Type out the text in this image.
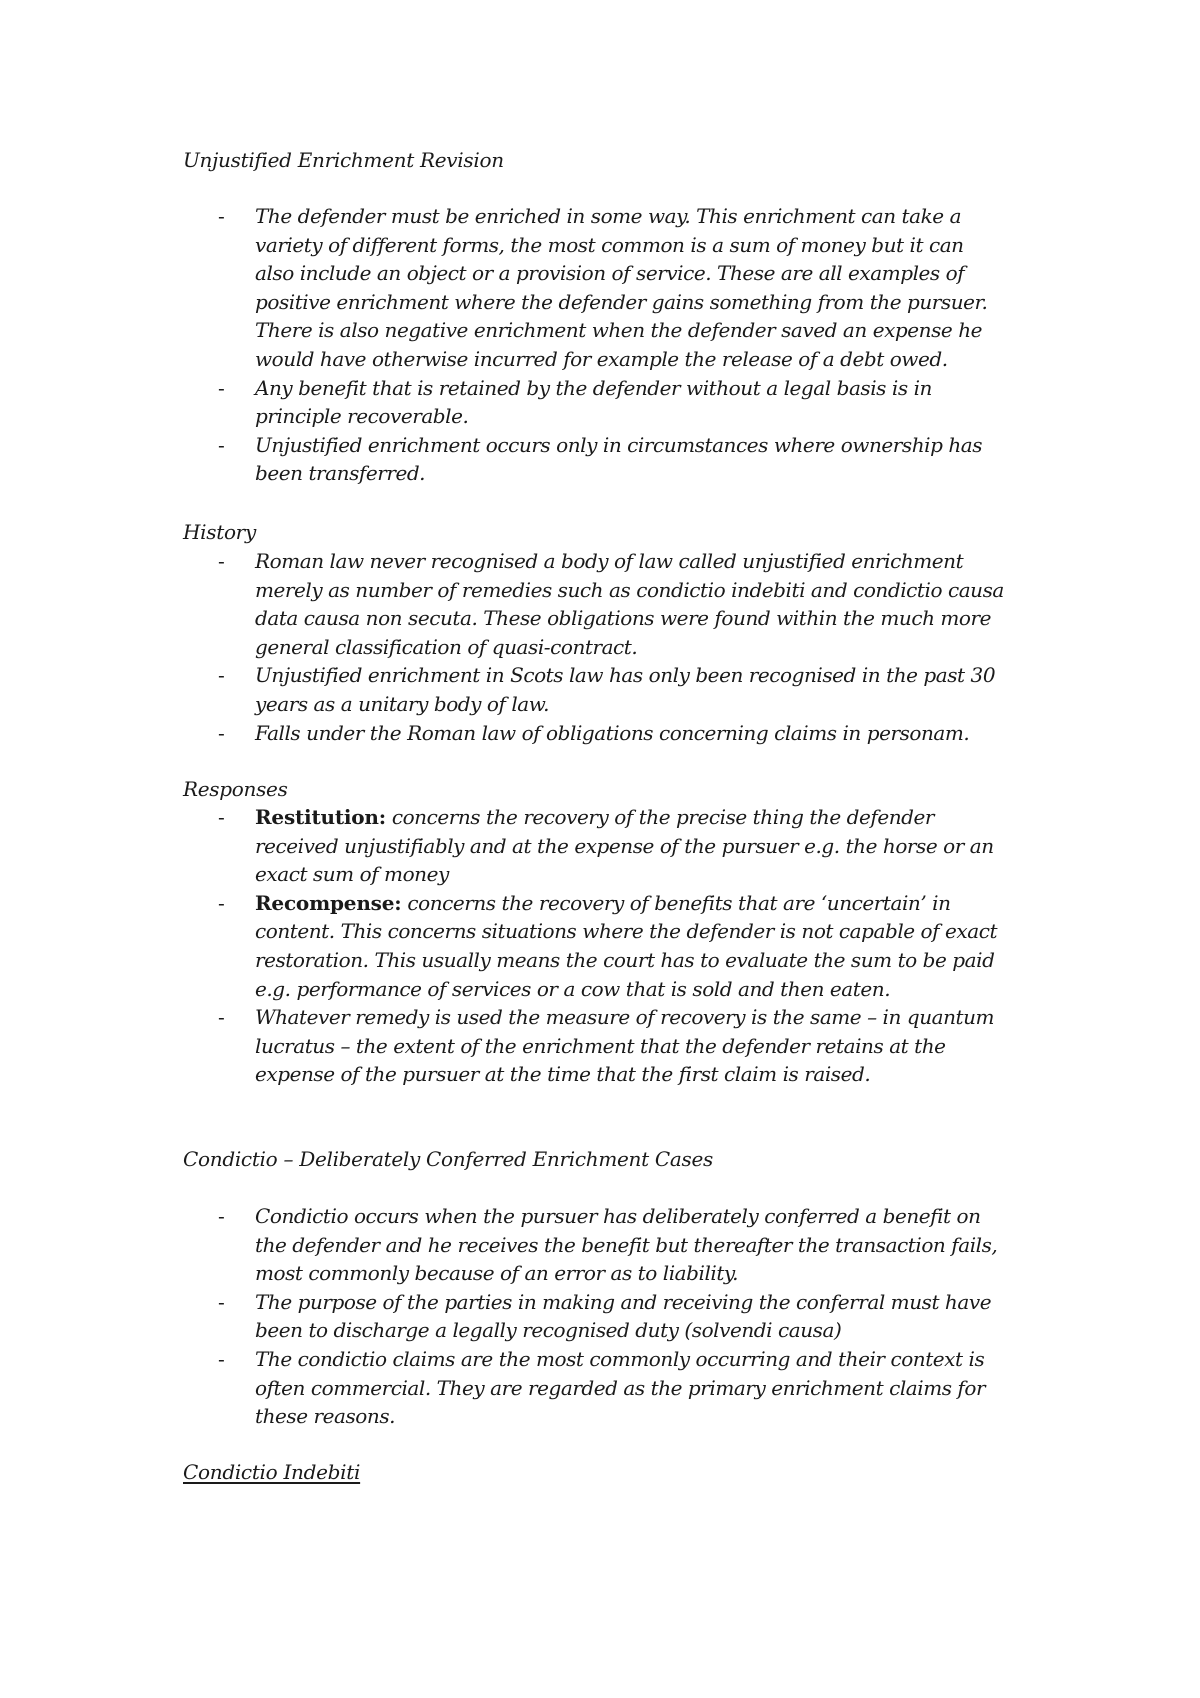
Unjustified Enrichment Revision
- The defender must be enriched in some way. This enrichment can take a
variety of different forms, the most common is a sum of money but it can
also include an object or a provision of service. These are all examples of
positive enrichment where the defender gains something from the pursuer.
There is also negative enrichment when the defender saved an expense he
would have otherwise incurred for example the release of a debt owed.
- Any benefit that is retained by the defender without a legal basis is in
principle recoverable.
- Unjustified enrichment occurs only in circumstances where ownership has
been transferred.
History
- Roman law never recognised a body of law called unjustified enrichment
merely as number of remedies such as condictio indebiti and condictio causa
data causa non secuta. These obligations were found within the much more
general classification of quasi-contract.
- Unjustified enrichment in Scots law has only been recognised in the past 30
years as a unitary body of law.
- Falls under the Roman law of obligations concerning claims in personam.
Responses
- Restitution: concerns the recovery of the precise thing the defender
received unjustifiably and at the expense of the pursuer e.g. the horse or an
exact sum of money
- Recompense: concerns the recovery of benefits that are ‘uncertain’ in
content. This concerns situations where the defender is not capable of exact
restoration. This usually means the court has to evaluate the sum to be paid
e.g. performance of services or a cow that is sold and then eaten.
- Whatever remedy is used the measure of recovery is the same – in quantum
lucratus – the extent of the enrichment that the defender retains at the
expense of the pursuer at the time that the first claim is raised.
Condictio – Deliberately Conferred Enrichment Cases
- Condictio occurs when the pursuer has deliberately conferred a benefit on
the defender and he receives the benefit but thereafter the transaction fails,
most commonly because of an error as to liability.
- The purpose of the parties in making and receiving the conferral must have
been to discharge a legally recognised duty (solvendi causa)
- The condictio claims are the most commonly occurring and their context is
often commercial. They are regarded as the primary enrichment claims for
these reasons.
Condictio Indebiti
